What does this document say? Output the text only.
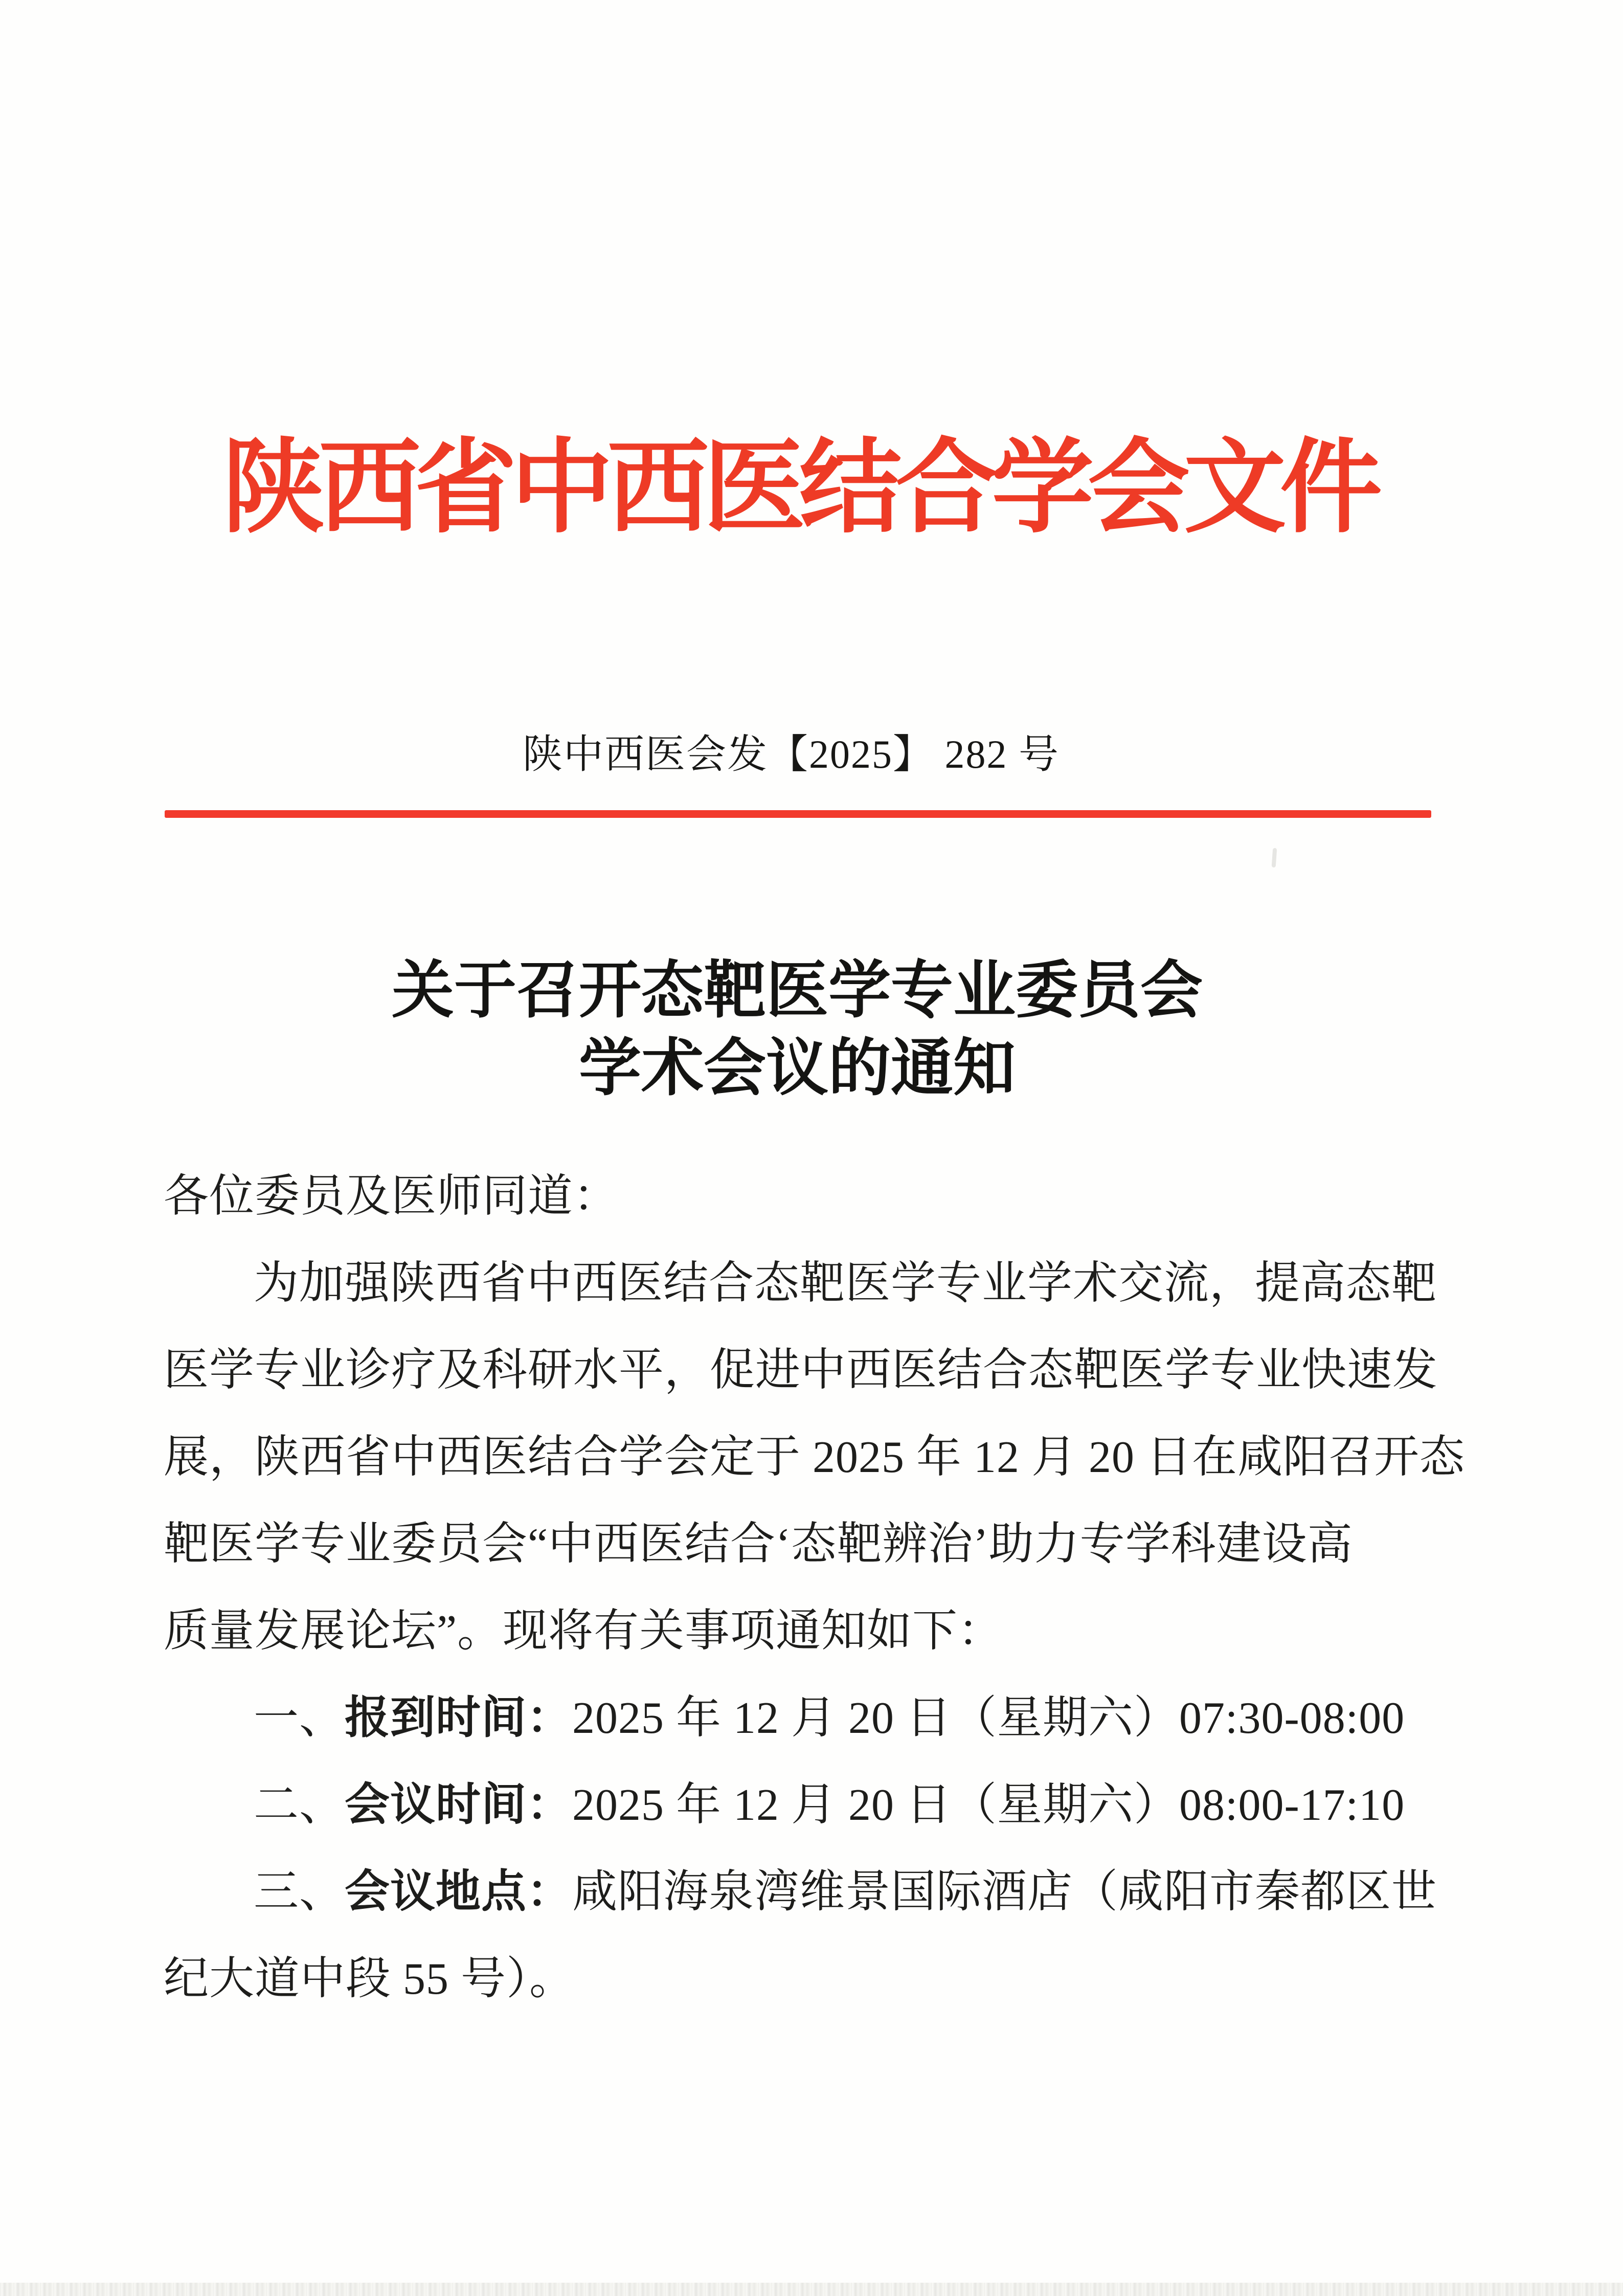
陕西省中西医结合学会文件
陕中西医会发【2025】 282 号
关于召开态靶医学专业委员会
学术会议的通知
各位委员及医师同道：
为加强陕西省中西医结合态靶医学专业学术交流，提高态靶
医学专业诊疗及科研水平，促进中西医结合态靶医学专业快速发
展，陕西省中西医结合学会定于 2025 年 12 月 20 日在咸阳召开态
靶医学专业委员会“中西医结合‘态靶辨治’助力专学科建设高
质量发展论坛”。现将有关事项通知如下：
一、报到时间：2025 年 12 月 20 日（星期六）07:30-08:00
二、会议时间：2025 年 12 月 20 日（星期六）08:00-17:10
三、会议地点：咸阳海泉湾维景国际酒店（咸阳市秦都区世
纪大道中段 55 号）。
